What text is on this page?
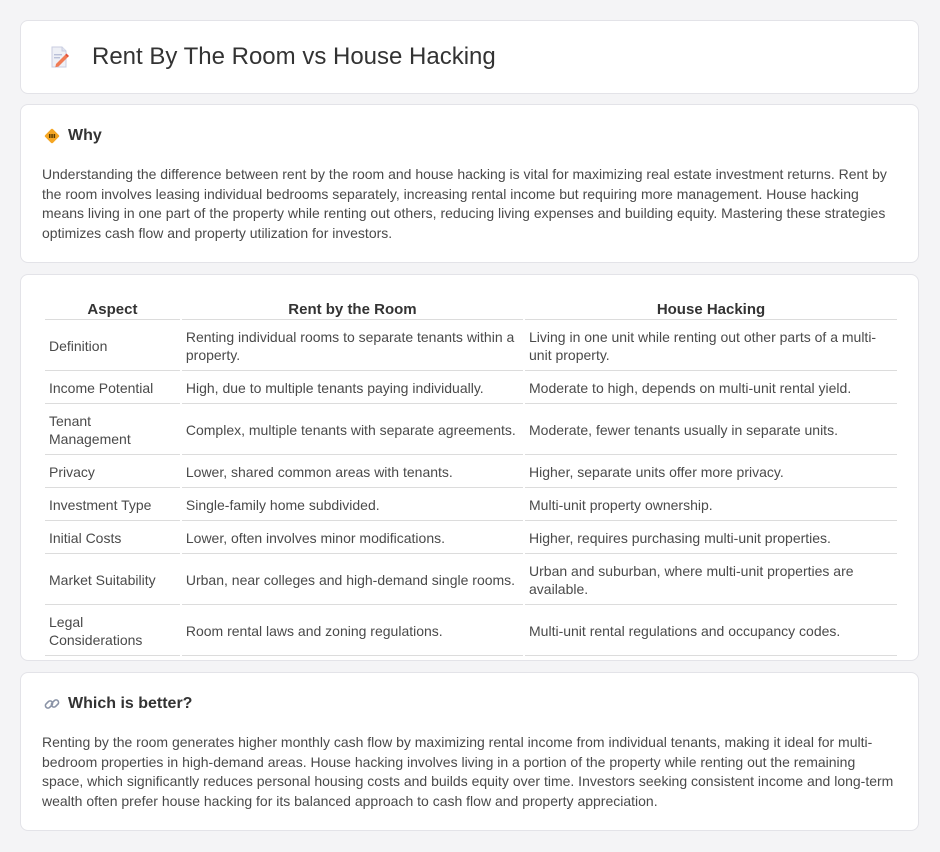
Rent By The Room vs House Hacking
Why

Understanding the difference between rent by the room and house hacking is vital for maximizing real estate investment returns. Rent by the room involves leasing individual bedrooms separately, increasing rental income but requiring more management. House hacking means living in one part of the property while renting out others, reducing living expenses and building equity. Mastering these strategies optimizes cash flow and property utilization for investors.

Aspect	Rent by the Room	House Hacking
Definition	Renting individual rooms to separate tenants within a property.	Living in one unit while renting out other parts of a multi-unit property.
Income Potential	High, due to multiple tenants paying individually.	Moderate to high, depends on multi-unit rental yield.
Tenant Management	Complex, multiple tenants with separate agreements.	Moderate, fewer tenants usually in separate units.
Privacy	Lower, shared common areas with tenants.	Higher, separate units offer more privacy.
Investment Type	Single-family home subdivided.	Multi-unit property ownership.
Initial Costs	Lower, often involves minor modifications.	Higher, requires purchasing multi-unit properties.
Market Suitability	Urban, near colleges and high-demand single rooms.	Urban and suburban, where multi-unit properties are available.
Legal Considerations	Room rental laws and zoning regulations.	Multi-unit rental regulations and occupancy codes.
Which is better?

Renting by the room generates higher monthly cash flow by maximizing rental income from individual tenants, making it ideal for multi-bedroom properties in high-demand areas. House hacking involves living in a portion of the property while renting out the remaining space, which significantly reduces personal housing costs and builds equity over time. Investors seeking consistent income and long-term wealth often prefer house hacking for its balanced approach to cash flow and property appreciation.
